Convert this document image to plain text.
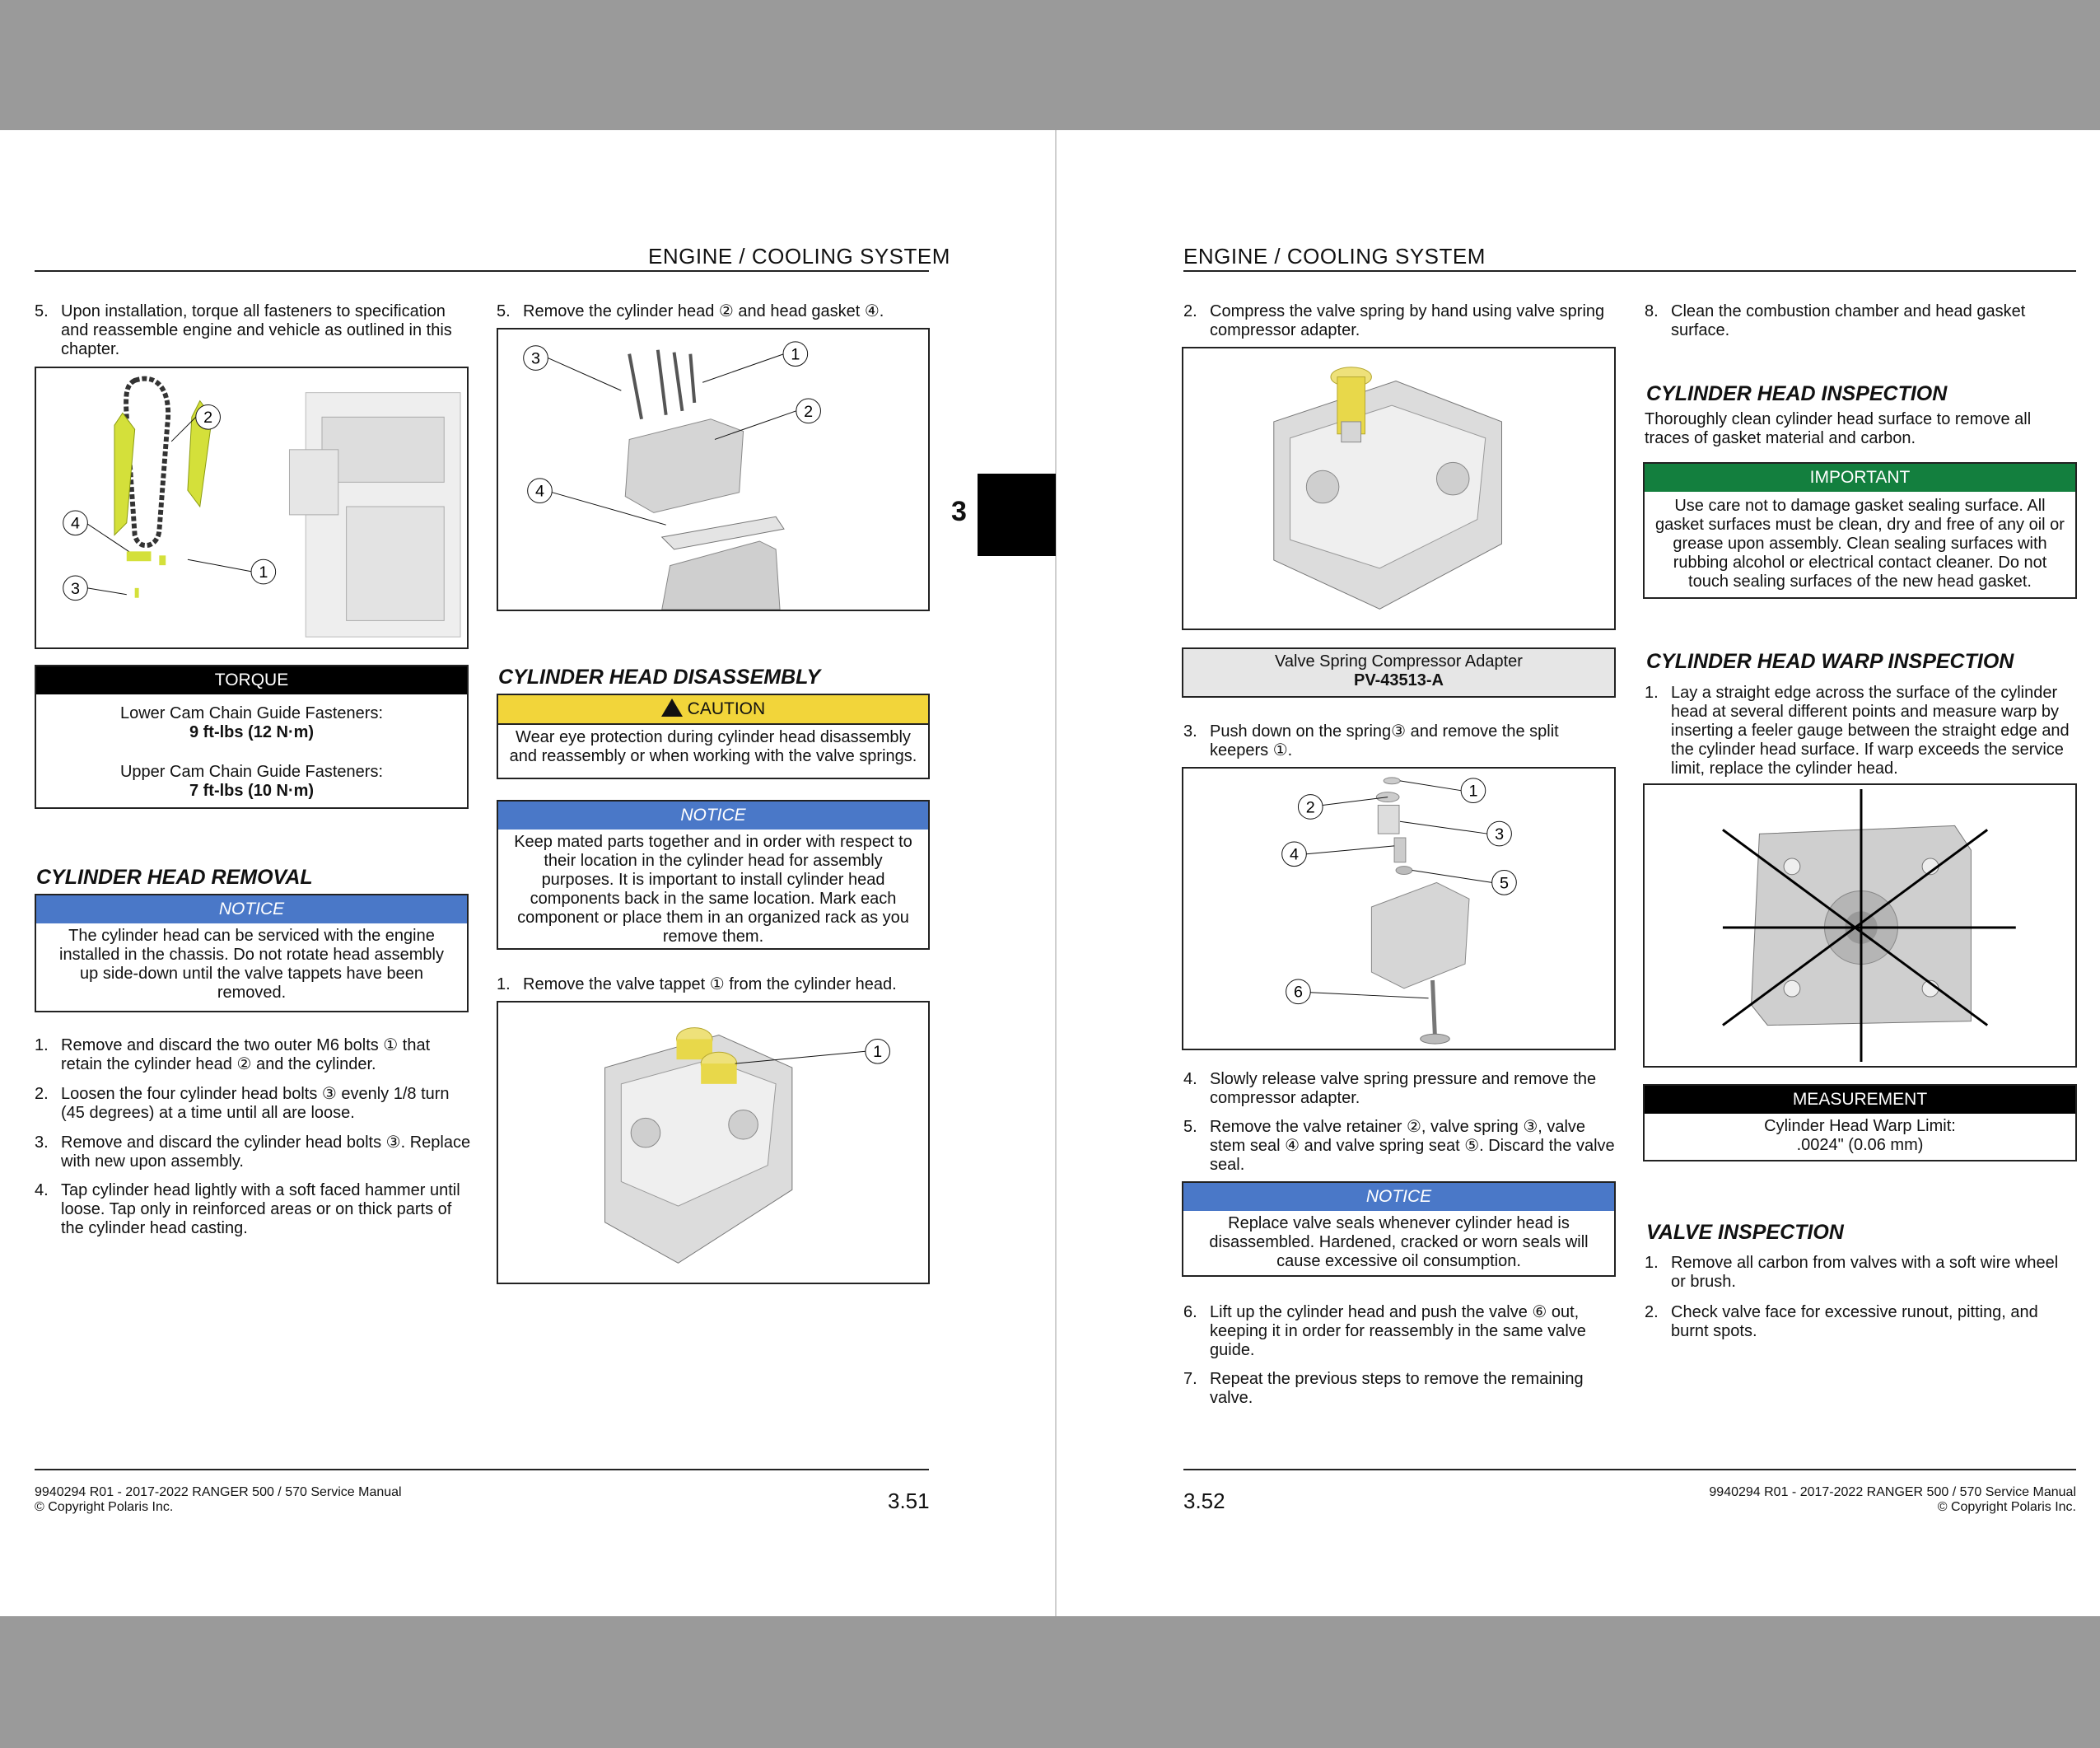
ENGINE / COOLING SYSTEM
5. Upon installation, torque all fasteners to specification and reassemble engine and vehicle as outlined in this chapter.
2
4
1
3
TORQUE
Lower Cam Chain Guide Fasteners:
9 ft-lbs (12 N·m)
Upper Cam Chain Guide Fasteners:
7 ft-lbs (10 N·m)
CYLINDER HEAD REMOVAL
NOTICE
The cylinder head can be serviced with the engine installed in the chassis. Do not rotate head assembly up side-down until the valve tappets have been removed.
1. Remove and discard the two outer M6 bolts ① that retain the cylinder head ② and the cylinder.
2. Loosen the four cylinder head bolts ③ evenly 1/8 turn (45 degrees) at a time until all are loose.
3. Remove and discard the cylinder head bolts ③. Replace with new upon assembly.
4. Tap cylinder head lightly with a soft faced hammer until loose. Tap only in reinforced areas or on thick parts of the cylinder head casting.
5. Remove the cylinder head ② and head gasket ④.
3	1
2
4
CYLINDER HEAD DISASSEMBLY
CAUTION
Wear eye protection during cylinder head disassembly and reassembly or when working with the valve springs.
NOTICE
Keep mated parts together and in order with respect to their location in the cylinder head for assembly purposes. It is important to install cylinder head components back in the same location. Mark each component or place them in an organized rack as you remove them.
1. Remove the valve tappet ① from the cylinder head.
1
9940294 R01 - 2017-2022 RANGER 500 / 570 Service Manual
© Copyright Polaris Inc.	3.51
3
ENGINE / COOLING SYSTEM
2. Compress the valve spring by hand using valve spring compressor adapter.
Valve Spring Compressor Adapter
PV-43513-A
3. Push down on the spring③ and remove the split keepers ①.
1
2
3
4
5
6
4. Slowly release valve spring pressure and remove the compressor adapter.
5. Remove the valve retainer ②, valve spring ③, valve stem seal ④ and valve spring seat ⑤. Discard the valve seal.
NOTICE
Replace valve seals whenever cylinder head is disassembled. Hardened, cracked or worn seals will cause excessive oil consumption.
6. Lift up the cylinder head and push the valve ⑥ out, keeping it in order for reassembly in the same valve guide.
7. Repeat the previous steps to remove the remaining valve.
8. Clean the combustion chamber and head gasket surface.
CYLINDER HEAD INSPECTION
Thoroughly clean cylinder head surface to remove all traces of gasket material and carbon.
IMPORTANT
Use care not to damage gasket sealing surface. All gasket surfaces must be clean, dry and free of any oil or grease upon assembly. Clean sealing surfaces with rubbing alcohol or electrical contact cleaner. Do not touch sealing surfaces of the new head gasket.
CYLINDER HEAD WARP INSPECTION
1. Lay a straight edge across the surface of the cylinder head at several different points and measure warp by inserting a feeler gauge between the straight edge and the cylinder head surface. If warp exceeds the service limit, replace the cylinder head.
MEASUREMENT
Cylinder Head Warp Limit:
.0024" (0.06 mm)
VALVE INSPECTION
1. Remove all carbon from valves with a soft wire wheel or brush.
2. Check valve face for excessive runout, pitting, and burnt spots.
3.52	9940294 R01 - 2017-2022 RANGER 500 / 570 Service Manual
© Copyright Polaris Inc.
